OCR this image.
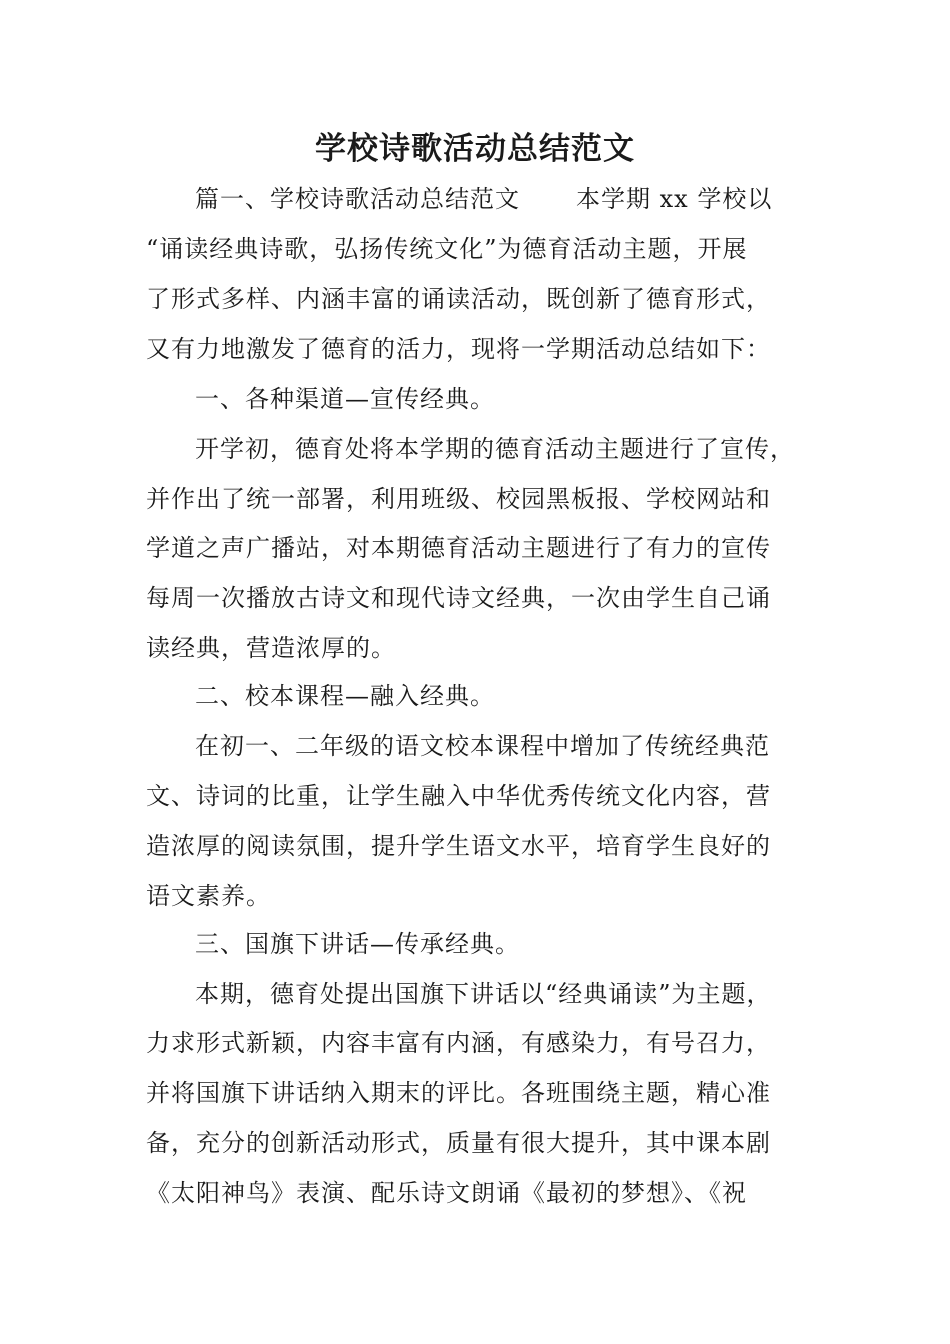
学校诗歌活动总结范文

篇一、学校诗歌活动总结范文 本学期 xx 学校以

“诵读经典诗歌，弘扬传统文化”为德育活动主题，开展

了形式多样、内涵丰富的诵读活动，既创新了德育形式，

又有力地激发了德育的活力，现将一学期活动总结如下：

一、各种渠道—宣传经典。

开学初，德育处将本学期的德育活动主题进行了宣传，

并作出了统一部署，利用班级、校园黑板报、学校网站和

学道之声广播站，对本期德育活动主题进行了有力的宣传

每周一次播放古诗文和现代诗文经典，一次由学生自己诵

读经典，营造浓厚的。

二、校本课程—融入经典。

在初一、二年级的语文校本课程中增加了传统经典范

文、诗词的比重，让学生融入中华优秀传统文化内容，营

造浓厚的阅读氛围，提升学生语文水平，培育学生良好的

语文素养。

三、国旗下讲话—传承经典。

本期，德育处提出国旗下讲话以“经典诵读”为主题，

力求形式新颖，内容丰富有内涵，有感染力，有号召力，

并将国旗下讲话纳入期末的评比。各班围绕主题，精心准

备，充分的创新活动形式，质量有很大提升，其中课本剧

《太阳神鸟》表演、配乐诗文朗诵《最初的梦想》、《祝
